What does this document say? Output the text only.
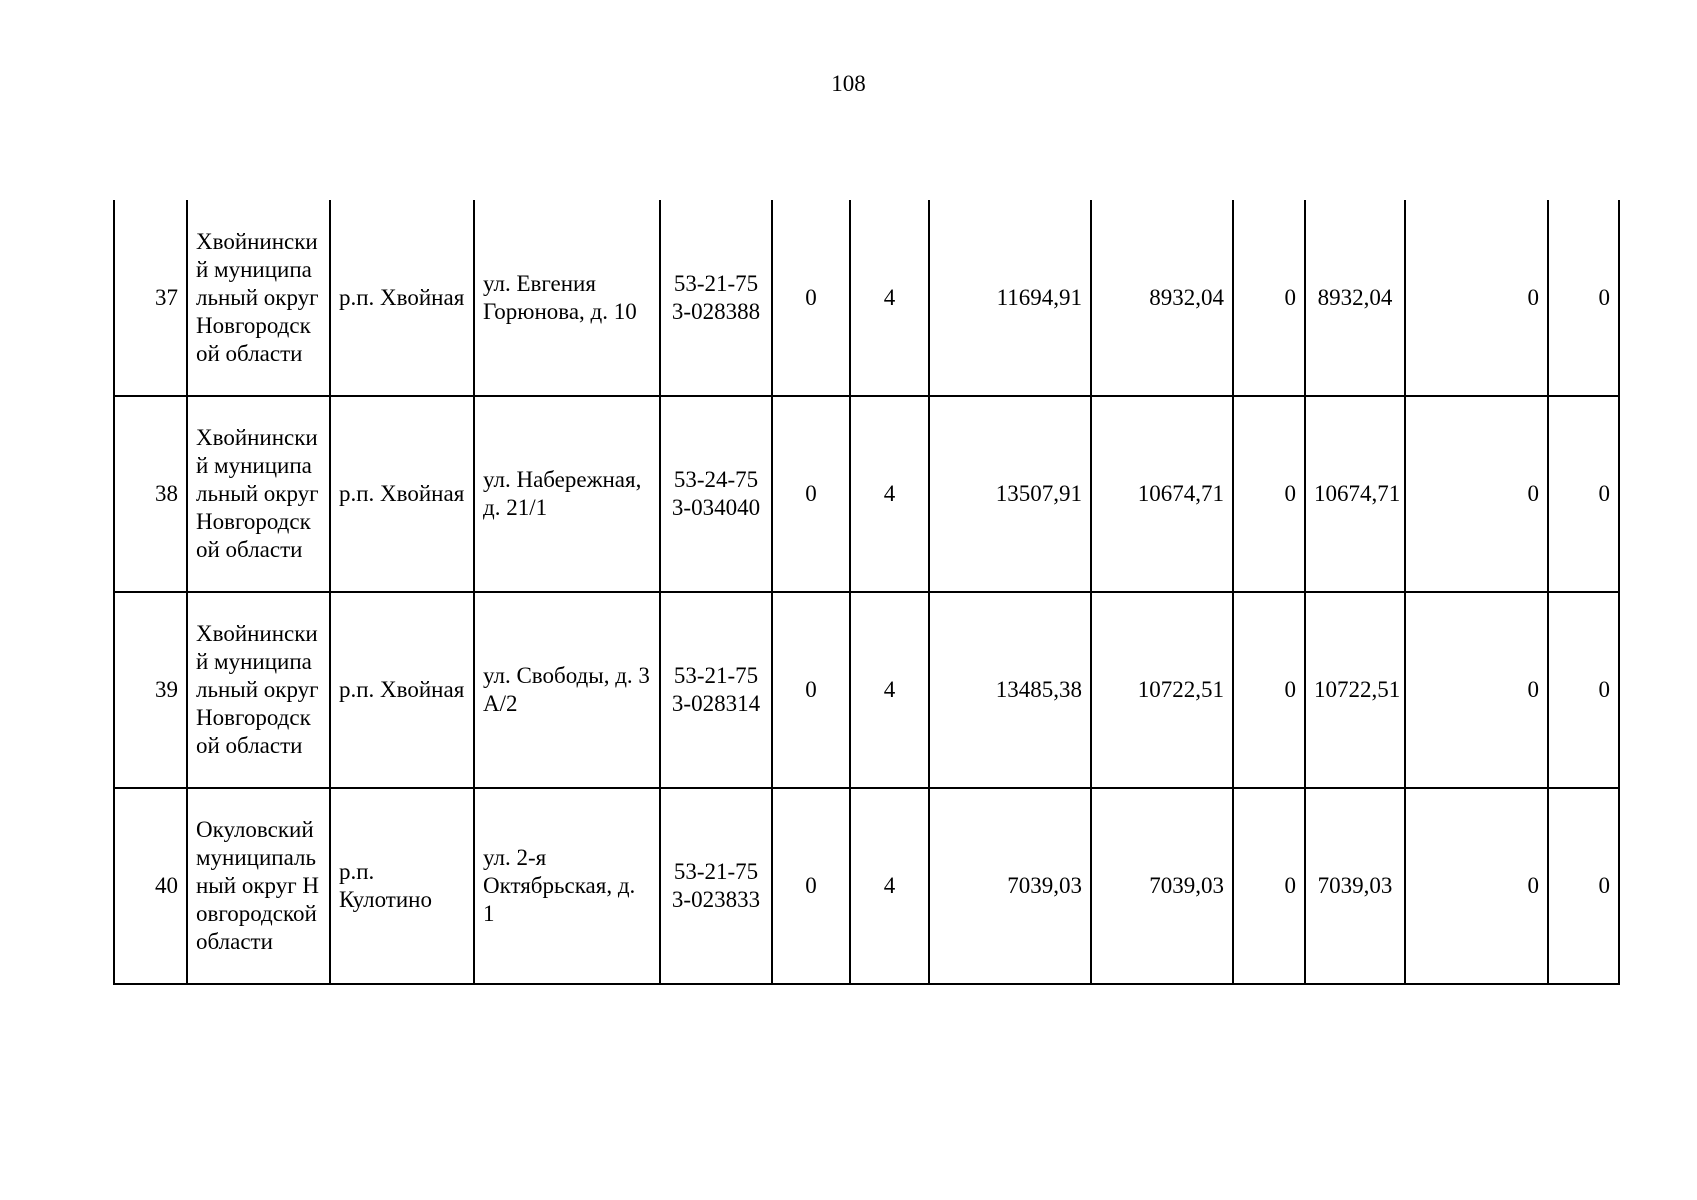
108
37	Хвойнинский муниципальный округ Новгородской области	р.п. Хвойная	ул. Евгения Горюнова, д. 10	53-21-753-028388	0	4	11694,91	8932,04	0	8932,04	0	0
38	Хвойнинский муниципальный округ Новгородской области	р.п. Хвойная	ул. Набережная, д. 21/1	53-24-753-034040	0	4	13507,91	10674,71	0	10674,71	0	0
39	Хвойнинский муниципальный округ Новгородской области	р.п. Хвойная	ул. Свободы, д. 3 А/2	53-21-753-028314	0	4	13485,38	10722,51	0	10722,51	0	0
40	Окуловский муниципальный округ Новгородской области	р.п. Кулотино	ул. 2-я Октябрьская, д. 1	53-21-753-023833	0	4	7039,03	7039,03	0	7039,03	0	0
